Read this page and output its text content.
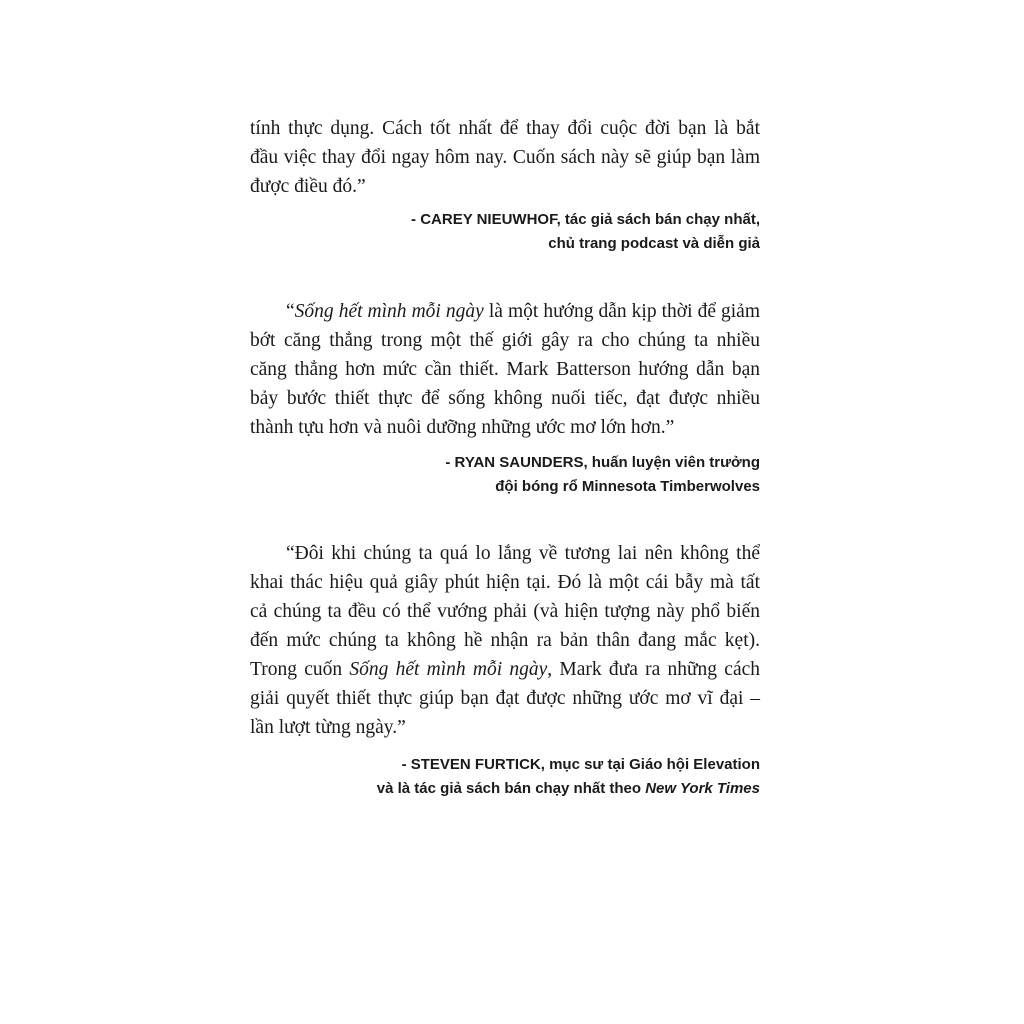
tính thực dụng. Cách tốt nhất để thay đổi cuộc đời bạn là bắt
đầu việc thay đổi ngay hôm nay. Cuốn sách này sẽ giúp bạn làm
được điều đó.”

- CAREY NIEUWHOF, tác giả sách bán chạy nhất,
chủ trang podcast và diễn giả

“Sống hết mình mỗi ngày là một hướng dẫn kịp thời để giảm
bớt căng thẳng trong một thế giới gây ra cho chúng ta nhiều
căng thẳng hơn mức cần thiết. Mark Batterson hướng dẫn bạn
bảy bước thiết thực để sống không nuối tiếc, đạt được nhiều
thành tựu hơn và nuôi dưỡng những ước mơ lớn hơn.”

- RYAN SAUNDERS, huấn luyện viên trưởng
đội bóng rổ Minnesota Timberwolves

“Đôi khi chúng ta quá lo lắng về tương lai nên không thể
khai thác hiệu quả giây phút hiện tại. Đó là một cái bẫy mà tất
cả chúng ta đều có thể vướng phải (và hiện tượng này phổ biến
đến mức chúng ta không hề nhận ra bản thân đang mắc kẹt).
Trong cuốn Sống hết mình mỗi ngày, Mark đưa ra những cách
giải quyết thiết thực giúp bạn đạt được những ước mơ vĩ đại –
lần lượt từng ngày.”

- STEVEN FURTICK, mục sư tại Giáo hội Elevation
và là tác giả sách bán chạy nhất theo New York Times
